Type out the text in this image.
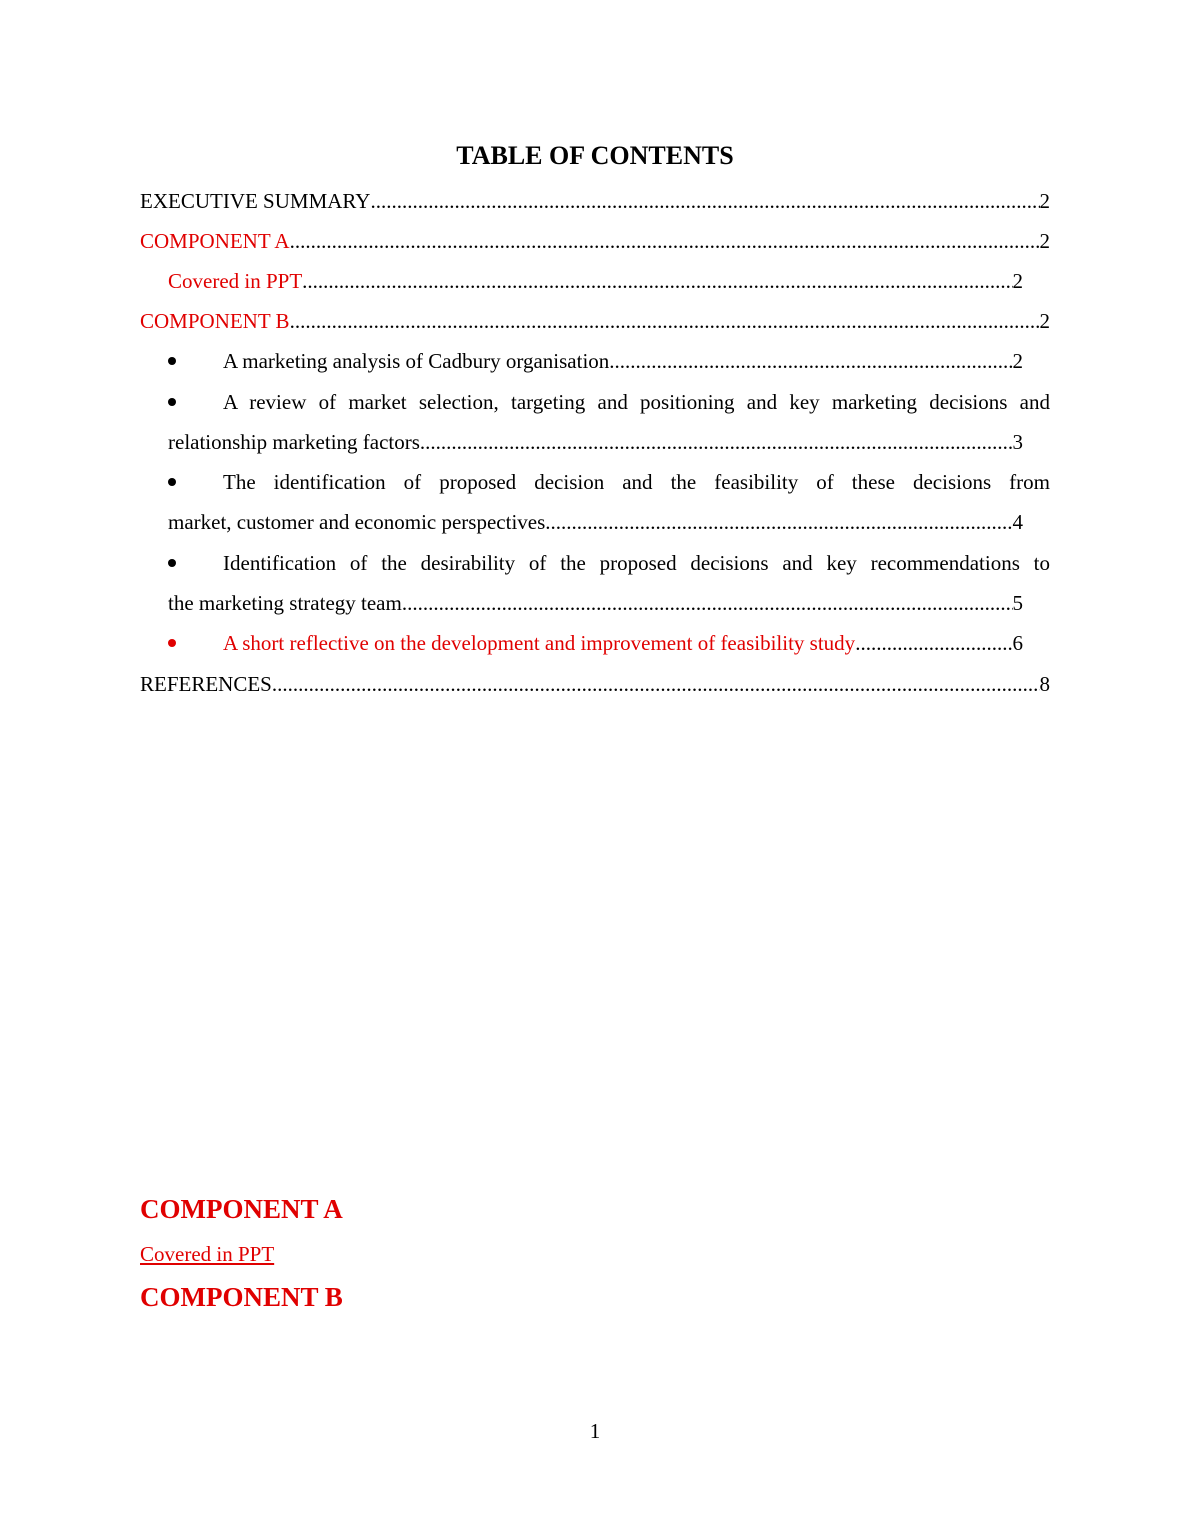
TABLE OF CONTENTS
EXECUTIVE SUMMARY .....	2
COMPONENT A .....	2
Covered in PPT .....	2
COMPONENT B .....	2
A marketing analysis of Cadbury organisation .....	2
A review of market selection, targeting and positioning and key marketing decisions and
relationship marketing factors .....	3
The identification of proposed decision and the feasibility of these decisions from
market, customer and economic perspectives .....	4
Identification of the desirability of the proposed decisions and key recommendations to
the marketing strategy team .....	5
A short reflective on the development and improvement of feasibility study .....	6
REFERENCES .....	8
COMPONENT A
Covered in PPT
COMPONENT B
1
